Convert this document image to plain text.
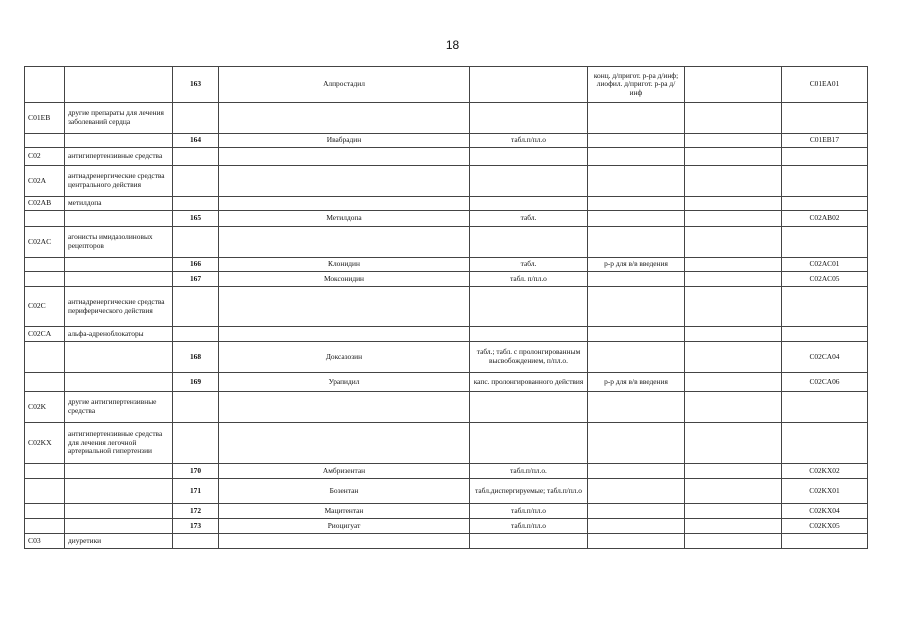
18
		163	Алпростадил		конц. д/пригот. р-ра д/инф; лиофил. д/пригот. р-ра д/инф		C01EA01
C01EB	другие препараты для лечения заболеваний сердца						
		164	Ивабрадин	табл.п/пл.о			C01EB17
C02	антигипертензивные средства						
C02A	антиадренергические средства центрального действия						
C02AB	метилдопа						
		165	Метилдопа	табл.			C02AB02
C02AC	агонисты имидазолиновых рецепторов						
		166	Клонидин	табл.	р-р для в/в введения		C02AC01
		167	Моксонидин	табл. п/пл.о			C02AC05
C02C	антиадренергические средства периферического действия						
C02CA	альфа-адреноблокаторы						
		168	Доксазозин	табл.; табл. с пролонгированным высвобождением, п/пл.о.			C02CA04
		169	Урапидил	капс. пролонгированного действия	р-р для в/в введения		C02CA06
C02K	другие антигипертензивные средства						
C02KX	антигипертензивные средства для лечения легочной артериальной гипертензии						
		170	Амбризентан	табл.п/пл.о.			C02KX02
		171	Бозентан	табл.диспергируемые; табл.п/пл.о			C02KX01
		172	Мацитентан	табл.п/пл.о			C02KX04
		173	Риоцигуат	табл.п/пл.о			C02KX05
C03	диуретики						
